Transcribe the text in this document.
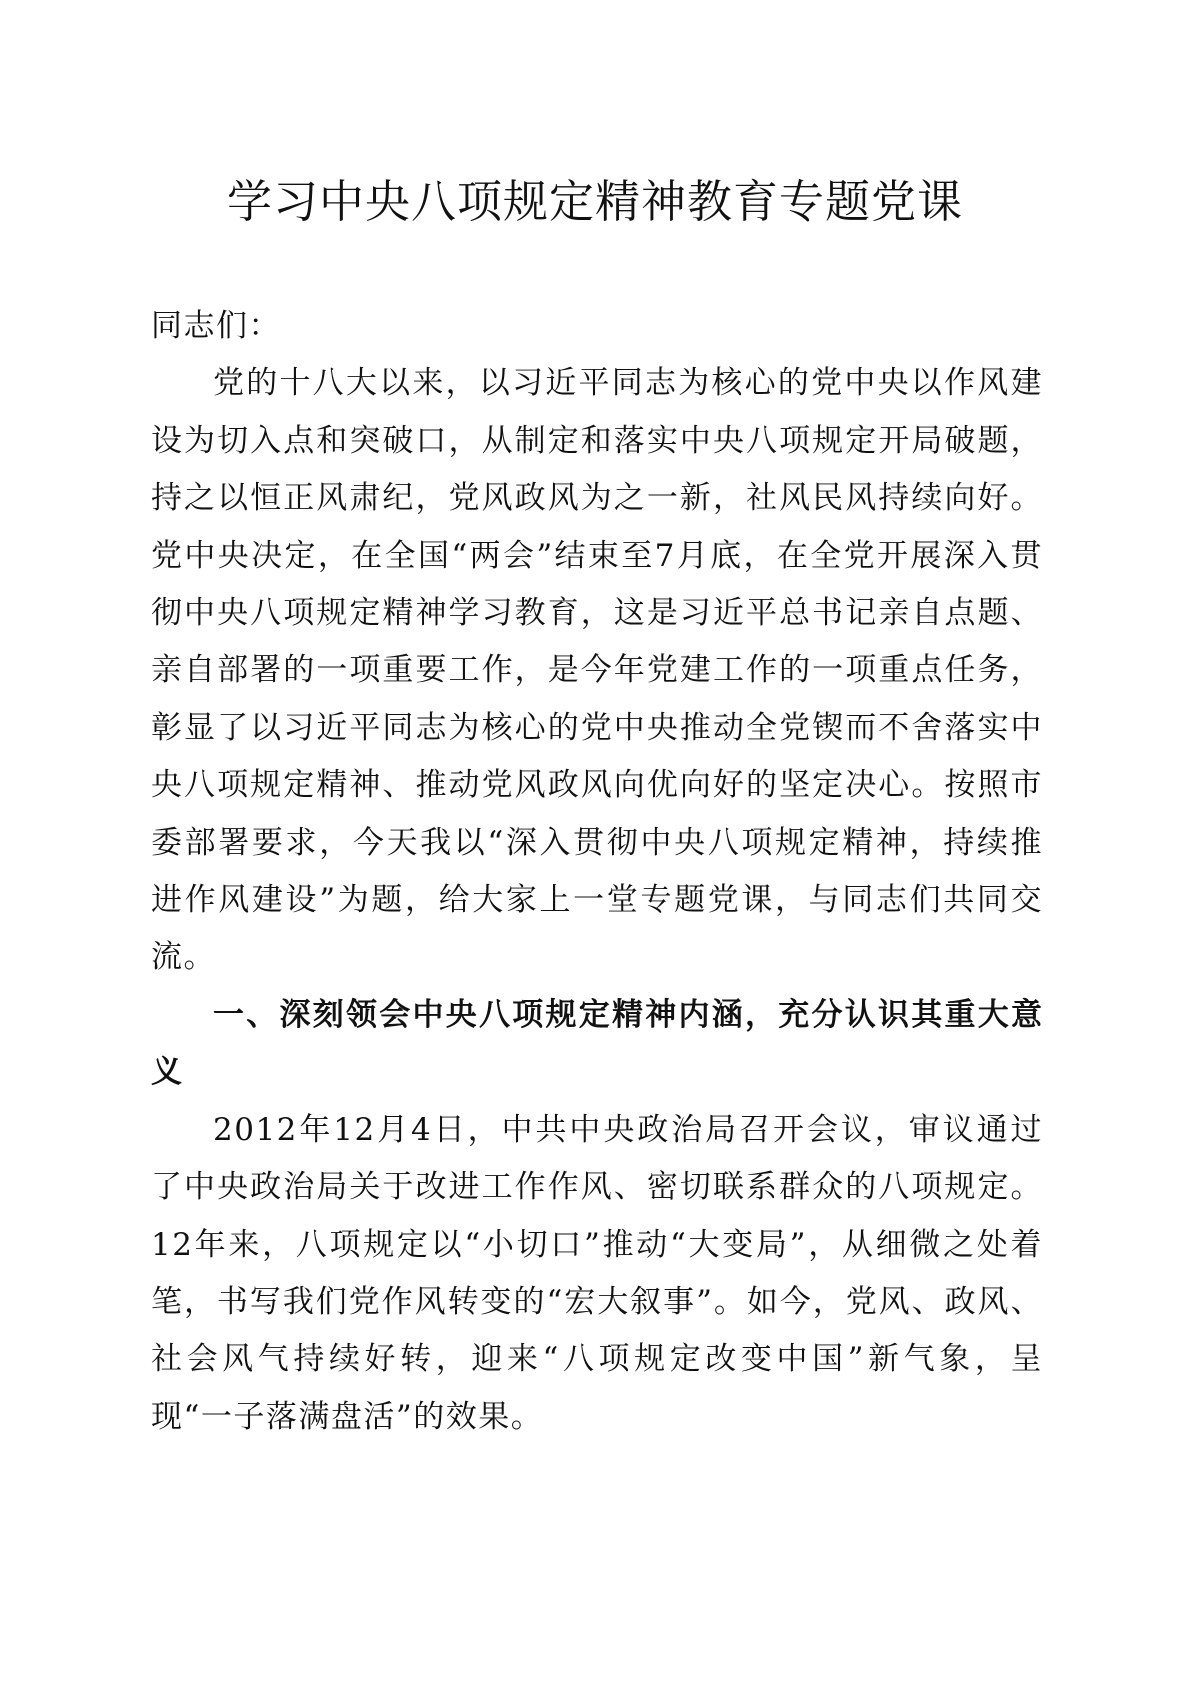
学习中央八项规定精神教育专题党课

同志们：

党的十八大以来，以习近平同志为核心的党中央以作风建设为切入点和突破口，从制定和落实中央八项规定开局破题，持之以恒正风肃纪，党风政风为之一新，社风民风持续向好。党中央决定，在全国“两会”结束至7月底，在全党开展深入贯彻中央八项规定精神学习教育，这是习近平总书记亲自点题、亲自部署的一项重要工作，是今年党建工作的一项重点任务，彰显了以习近平同志为核心的党中央推动全党锲而不舍落实中央八项规定精神、推动党风政风向优向好的坚定决心。按照市委部署要求，今天我以“深入贯彻中央八项规定精神，持续推进作风建设”为题，给大家上一堂专题党课，与同志们共同交流。

一、深刻领会中央八项规定精神内涵，充分认识其重大意义

2012年12月4日，中共中央政治局召开会议，审议通过了中央政治局关于改进工作作风、密切联系群众的八项规定。12年来，八项规定以“小切口”推动“大变局”，从细微之处着笔，书写我们党作风转变的“宏大叙事”。如今，党风、政风、社会风气持续好转，迎来“八项规定改变中国”新气象，呈现“一子落满盘活”的效果。
